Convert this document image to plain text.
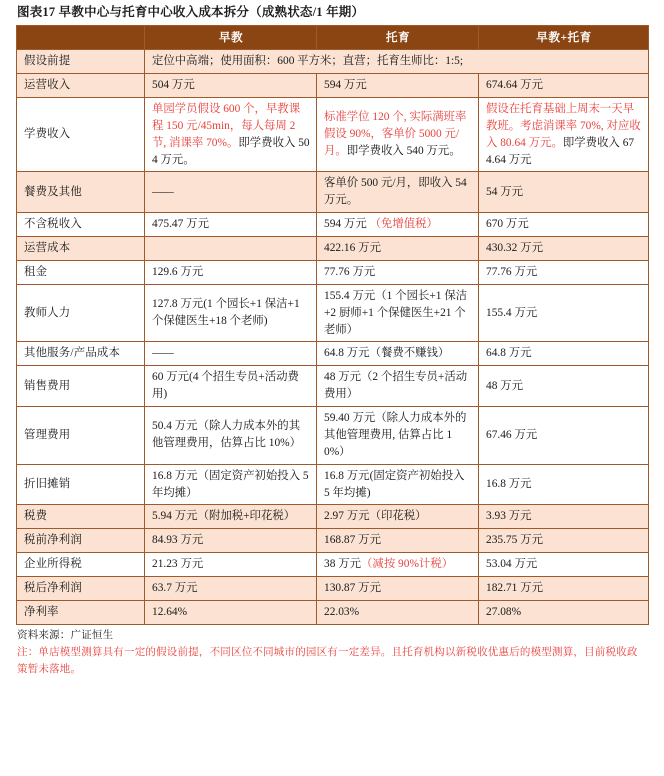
图表17 早教中心与托育中心收入成本拆分（成熟状态/1 年期）
	早教	托育	早教+托育
假设前提	定位中高端；使用面积：600 平方米；直营；托育生师比：1:5;		
运营收入	504 万元	594 万元	674.64 万元
学费收入	单园学员假设 600 个，早教课程 150 元/45min，每人每周 2 节, 消课率 70%。即学费收入 504 万元。	标准学位 120 个, 实际满班率假设 90%，客单价 5000 元/月。即学费收入 540 万元。	假设在托育基础上周末一天早教班。考虑消课率 70%, 对应收入 80.64 万元。即学费收入 674.64 万元
餐费及其他	——	客单价 500 元/月，即收入 54 万元。	54 万元
不含税收入	475.47 万元	594 万元 （免增值税）	670 万元
运营成本		422.16 万元	430.32 万元
租金	129.6 万元	77.76 万元	77.76 万元
教师人力	127.8 万元(1 个园长+1 保洁+1 个保健医生+18 个老师)	155.4 万元（1 个园长+1 保洁+2 厨师+1 个保健医生+21 个老师）	155.4 万元
其他服务/产品成本	——	64.8 万元（餐费不赚钱）	64.8 万元
销售费用	60 万元(4 个招生专员+活动费用)	48 万元（2 个招生专员+活动费用）	48 万元
管理费用	50.4 万元（除人力成本外的其他管理费用，估算占比 10%）	59.40 万元（除人力成本外的其他管理费用, 估算占比 10%）	67.46 万元
折旧摊销	16.8 万元（固定资产初始投入 5 年均摊）	16.8 万元(固定资产初始投入 5 年均摊)	16.8 万元
税费	5.94 万元（附加税+印花税）	2.97 万元（印花税）	3.93 万元
税前净利润	84.93 万元	168.87 万元	235.75 万元
企业所得税	21.23 万元	38 万元（减按 90%计税）	53.04 万元
税后净利润	63.7 万元	130.87 万元	182.71 万元
净利率	12.64%	22.03%	27.08%
资料来源：广证恒生
注：单店模型测算具有一定的假设前提，不同区位不同城市的园区有一定差异。且托育机构以新税收优惠后的模型测算，目前税收政策暂未落地。
